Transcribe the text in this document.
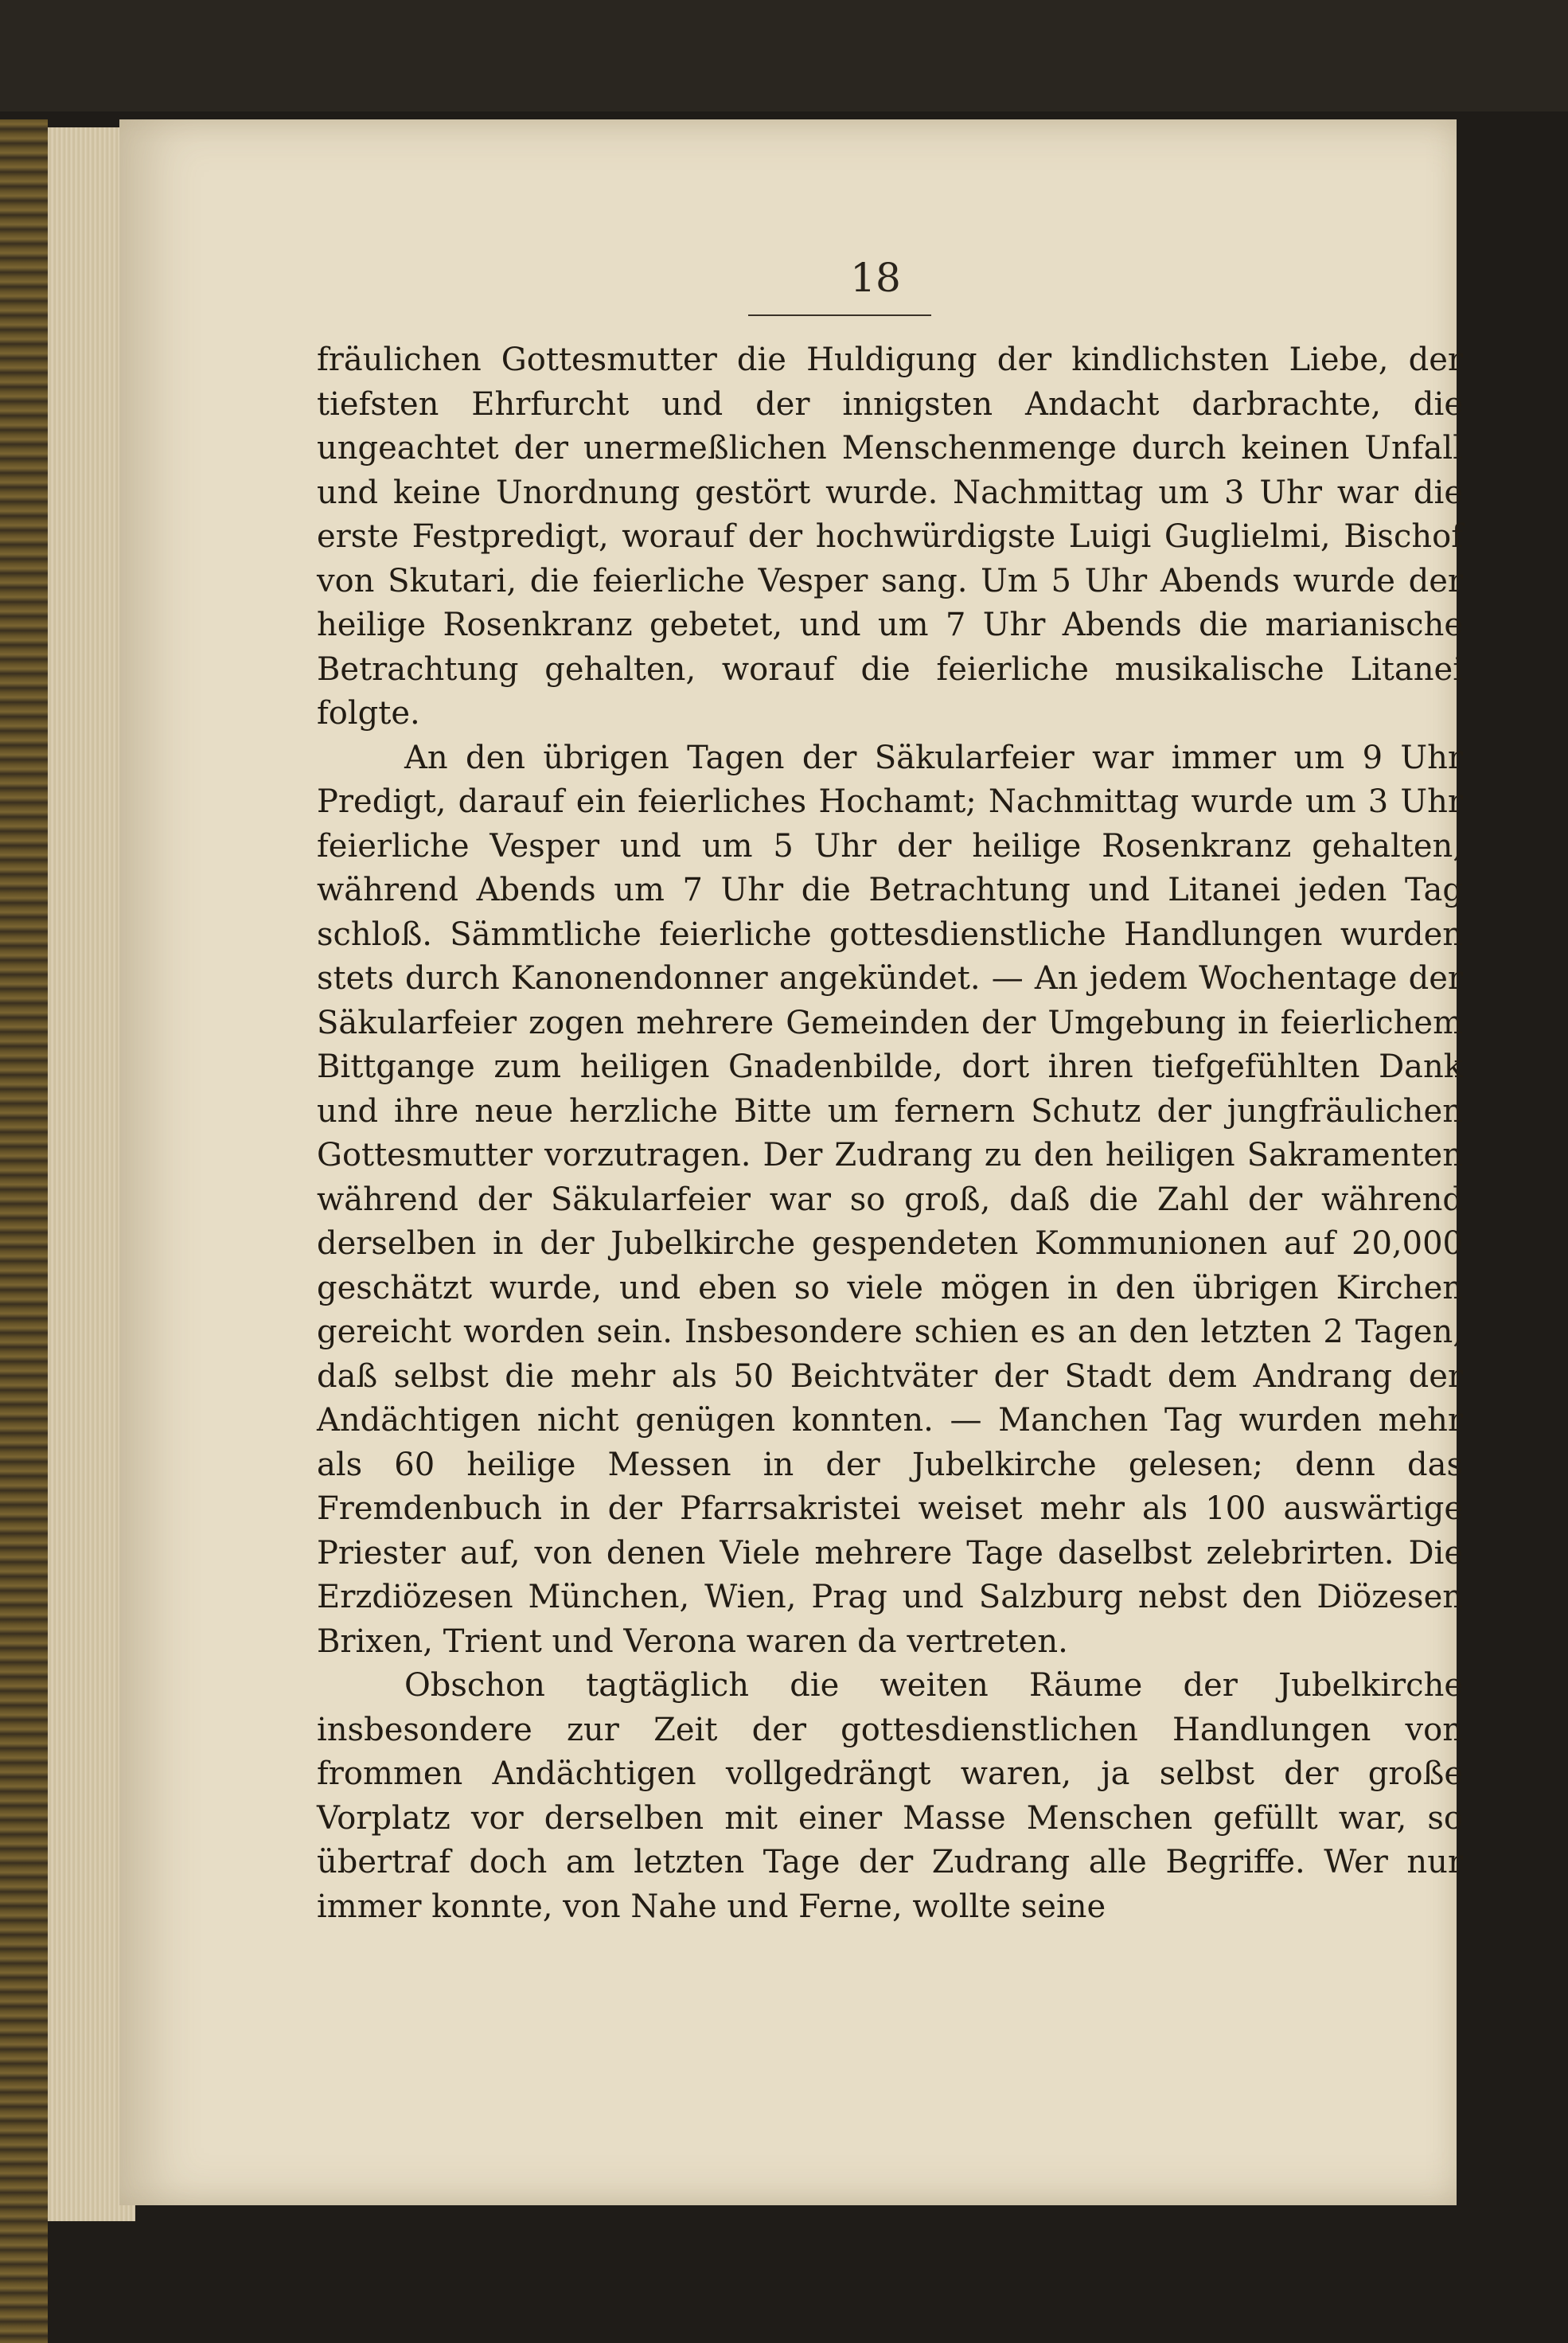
18

fräulichen Gottesmutter die Huldigung der kindlichsten Liebe, der tiefsten Ehrfurcht und der innigsten Andacht darbrachte, die ungeachtet der unermeßlichen Menschenmenge durch keinen Unfall und keine Unordnung gestört wurde. Nachmittag um 3 Uhr war die erste Festpredigt, worauf der hochwürdigste Luigi Guglielmi, Bischof von Skutari, die feierliche Vesper sang. Um 5 Uhr Abends wurde der heilige Rosenkranz gebetet, und um 7 Uhr Abends die marianische Betrachtung gehalten, worauf die feierliche musikalische Litanei folgte.

An den übrigen Tagen der Säkularfeier war immer um 9 Uhr Predigt, darauf ein feierliches Hochamt; Nachmittag wurde um 3 Uhr feierliche Vesper und um 5 Uhr der heilige Rosenkranz gehalten, während Abends um 7 Uhr die Betrachtung und Litanei jeden Tag schloß. Sämmtliche feierliche gottesdienstliche Handlungen wurden stets durch Kanonendonner angekündet. — An jedem Wochentage der Säkularfeier zogen mehrere Gemeinden der Umgebung in feierlichem Bittgange zum heiligen Gnadenbilde, dort ihren tiefgefühlten Dank und ihre neue herzliche Bitte um fernern Schutz der jungfräulichen Gottesmutter vorzutragen. Der Zudrang zu den heiligen Sakramenten während der Säkularfeier war so groß, daß die Zahl der während derselben in der Jubelkirche gespendeten Kommunionen auf 20,000 geschätzt wurde, und eben so viele mögen in den übrigen Kirchen gereicht worden sein. Insbesondere schien es an den letzten 2 Tagen, daß selbst die mehr als 50 Beichtväter der Stadt dem Andrang der Andächtigen nicht genügen konnten. — Manchen Tag wurden mehr als 60 heilige Messen in der Jubelkirche gelesen; denn das Fremdenbuch in der Pfarrsakristei weiset mehr als 100 auswärtige Priester auf, von denen Viele mehrere Tage daselbst zelebrirten. Die Erzdiözesen München, Wien, Prag und Salzburg nebst den Diözesen Brixen, Trient und Verona waren da vertreten.

Obschon tagtäglich die weiten Räume der Jubelkirche insbesondere zur Zeit der gottesdienstlichen Handlungen von frommen Andächtigen vollgedrängt waren, ja selbst der große Vorplatz vor derselben mit einer Masse Menschen gefüllt war, so übertraf doch am letzten Tage der Zudrang alle Begriffe. Wer nur immer konnte, von Nahe und Ferne, wollte seine
